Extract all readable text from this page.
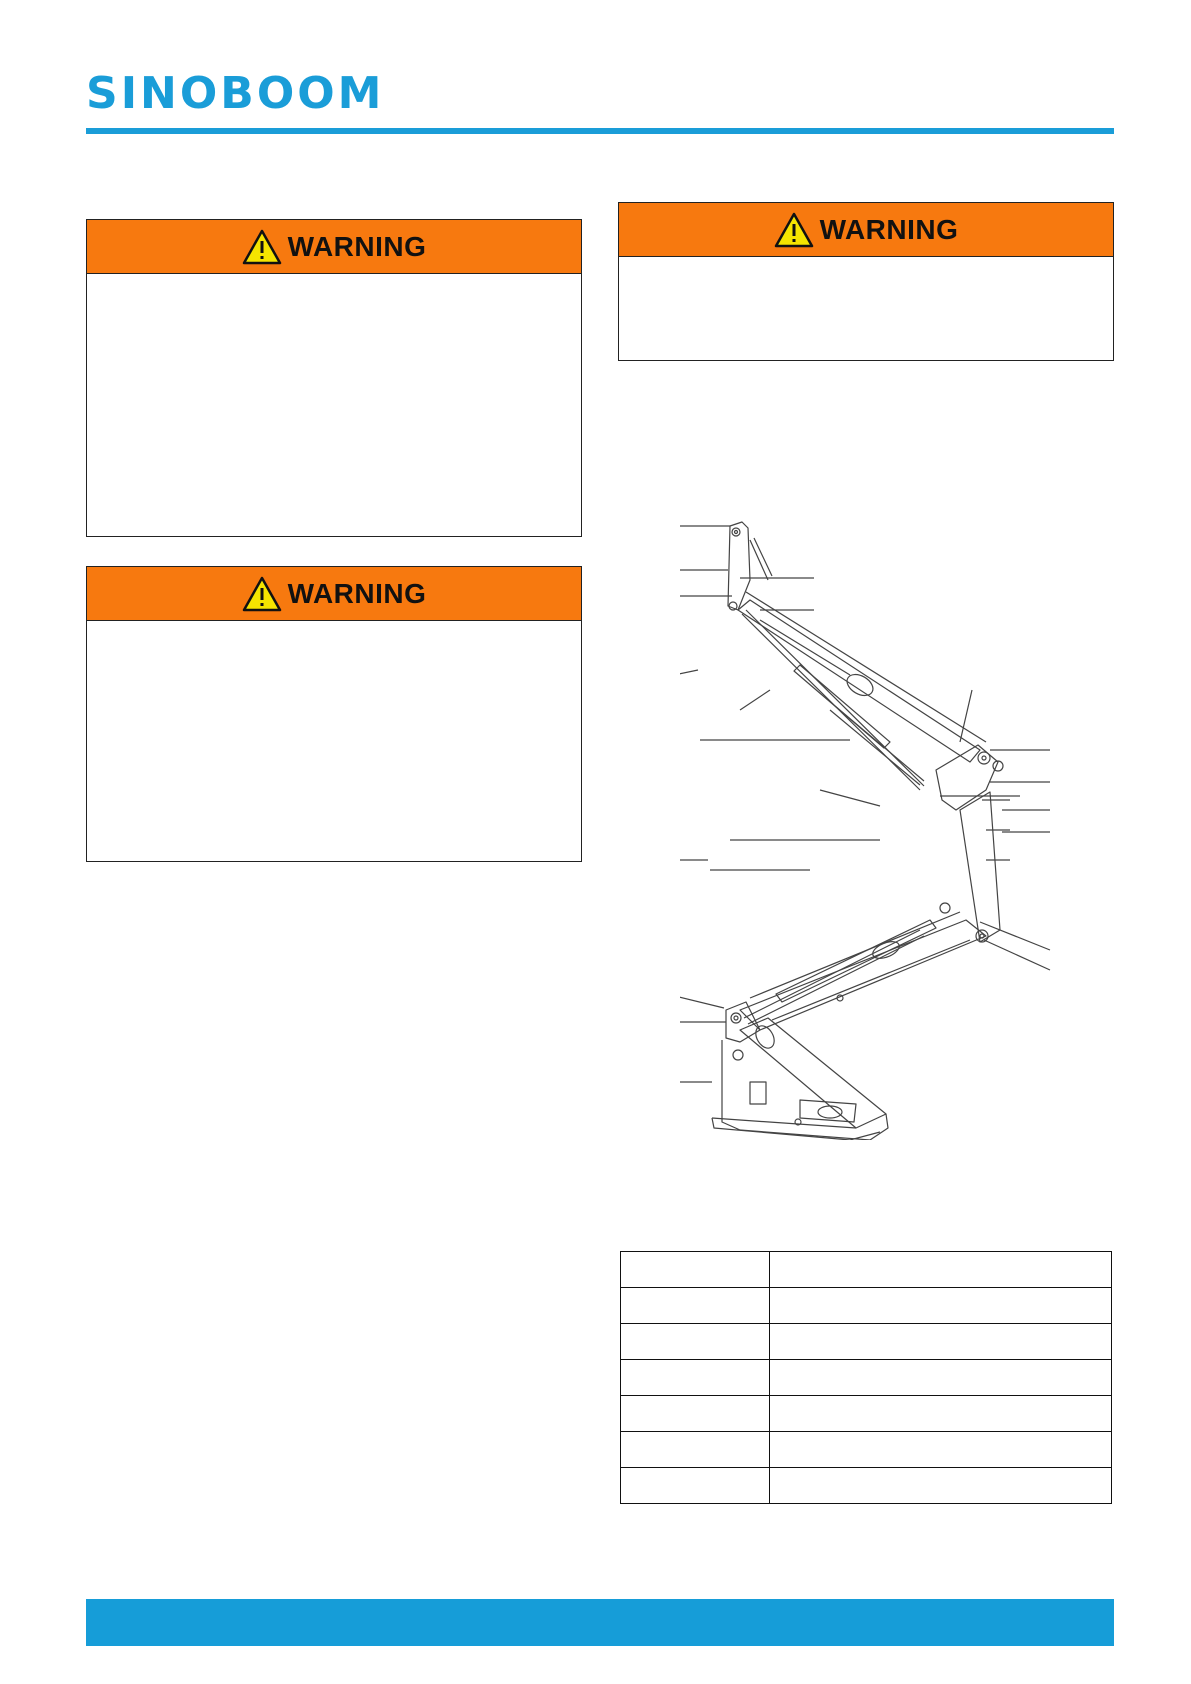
SINOBOOM
WARNING
WARNING
WARNING
